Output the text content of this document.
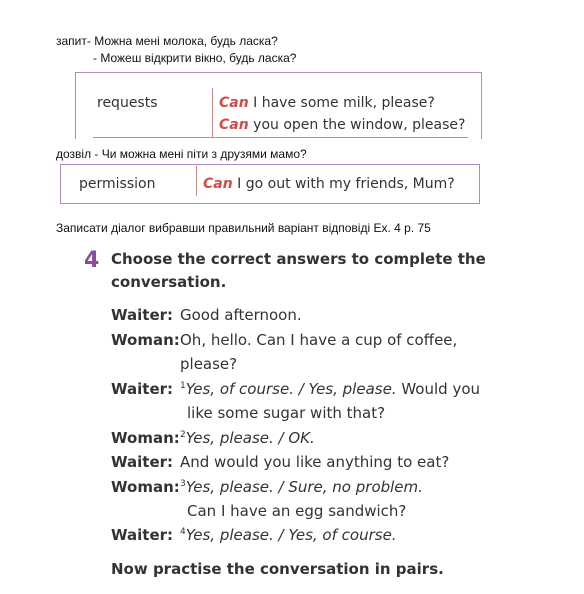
запит- Можна мені молока, будь ласка?
- Можеш відкрити вікно, будь ласка?
requests	Can I have some milk, please?
Can you open the window, please?
дозвіл - Чи можна мені піти з друзями мамо?
permission	Can I go out with my friends, Mum?
Записати діалог вибравши правильний варіант відповіді Ех. 4 р. 75
4 Choose the correct answers to complete the
conversation.
Waiter: Good afternoon.
Woman: Oh, hello. Can I have a cup of coffee,
please?
Waiter: $^1$Yes, of course. / Yes, please. Would you
like some sugar with that?
Woman: $^2$Yes, please. / OK.
Waiter: And would you like anything to eat?
Woman: $^3$Yes, please. / Sure, no problem.
Can I have an egg sandwich?
Waiter: $^4$Yes, please. / Yes, of course.
Now practise the conversation in pairs.
